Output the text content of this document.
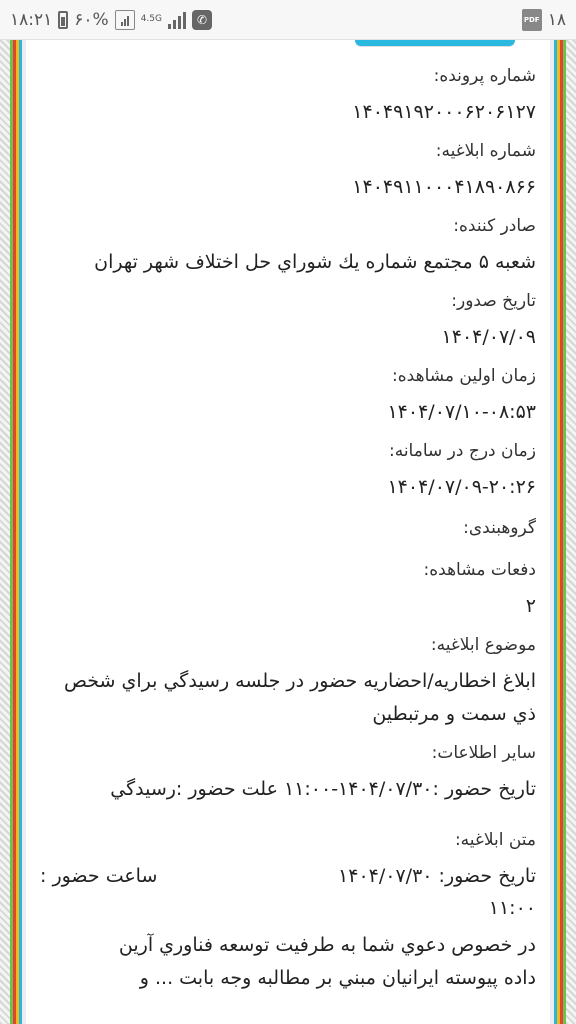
۱۸:۲۱ ۶۰%	4.5G	✆	PDF ۱۸
شماره پرونده:
۱۴۰۴۹۱۹۲۰۰۰۶۲۰۶۱۲۷
شماره ابلاغیه:
۱۴۰۴۹۱۱۰۰۰۴۱۸۹۰۸۶۶
صادر کننده:
شعبه ۵ مجتمع شماره يك شوراي حل اختلاف شهر تهران
تاريخ صدور:
۱۴۰۴/۰۷/۰۹
زمان اولين مشاهده:
۱۴۰۴/۰۷/۱۰-۰۸:۵۳
زمان درج در سامانه:
۱۴۰۴/۰۷/۰۹-۲۰:۲۶
گروهبندی:
دفعات مشاهده:
۲
موضوع ابلاغيه:
ابلاغ اخطاريه/احضاريه حضور در جلسه رسيدگي براي شخص ذي سمت و مرتبطين
ساير اطلاعات:
تاريخ حضور :۱۴۰۴/۰۷/۳۰-۱۱:۰۰ علت حضور :رسيدگي
متن ابلاغيه:
تاريخ حضور: ۱۴۰۴/۰۷/۳۰
ساعت حضور :
۱۱:۰۰
در خصوص دعوي شما به طرفيت توسعه فناوري آرين
داده پيوسته ايرانيان مبني بر مطالبه وجه بابت ... و
